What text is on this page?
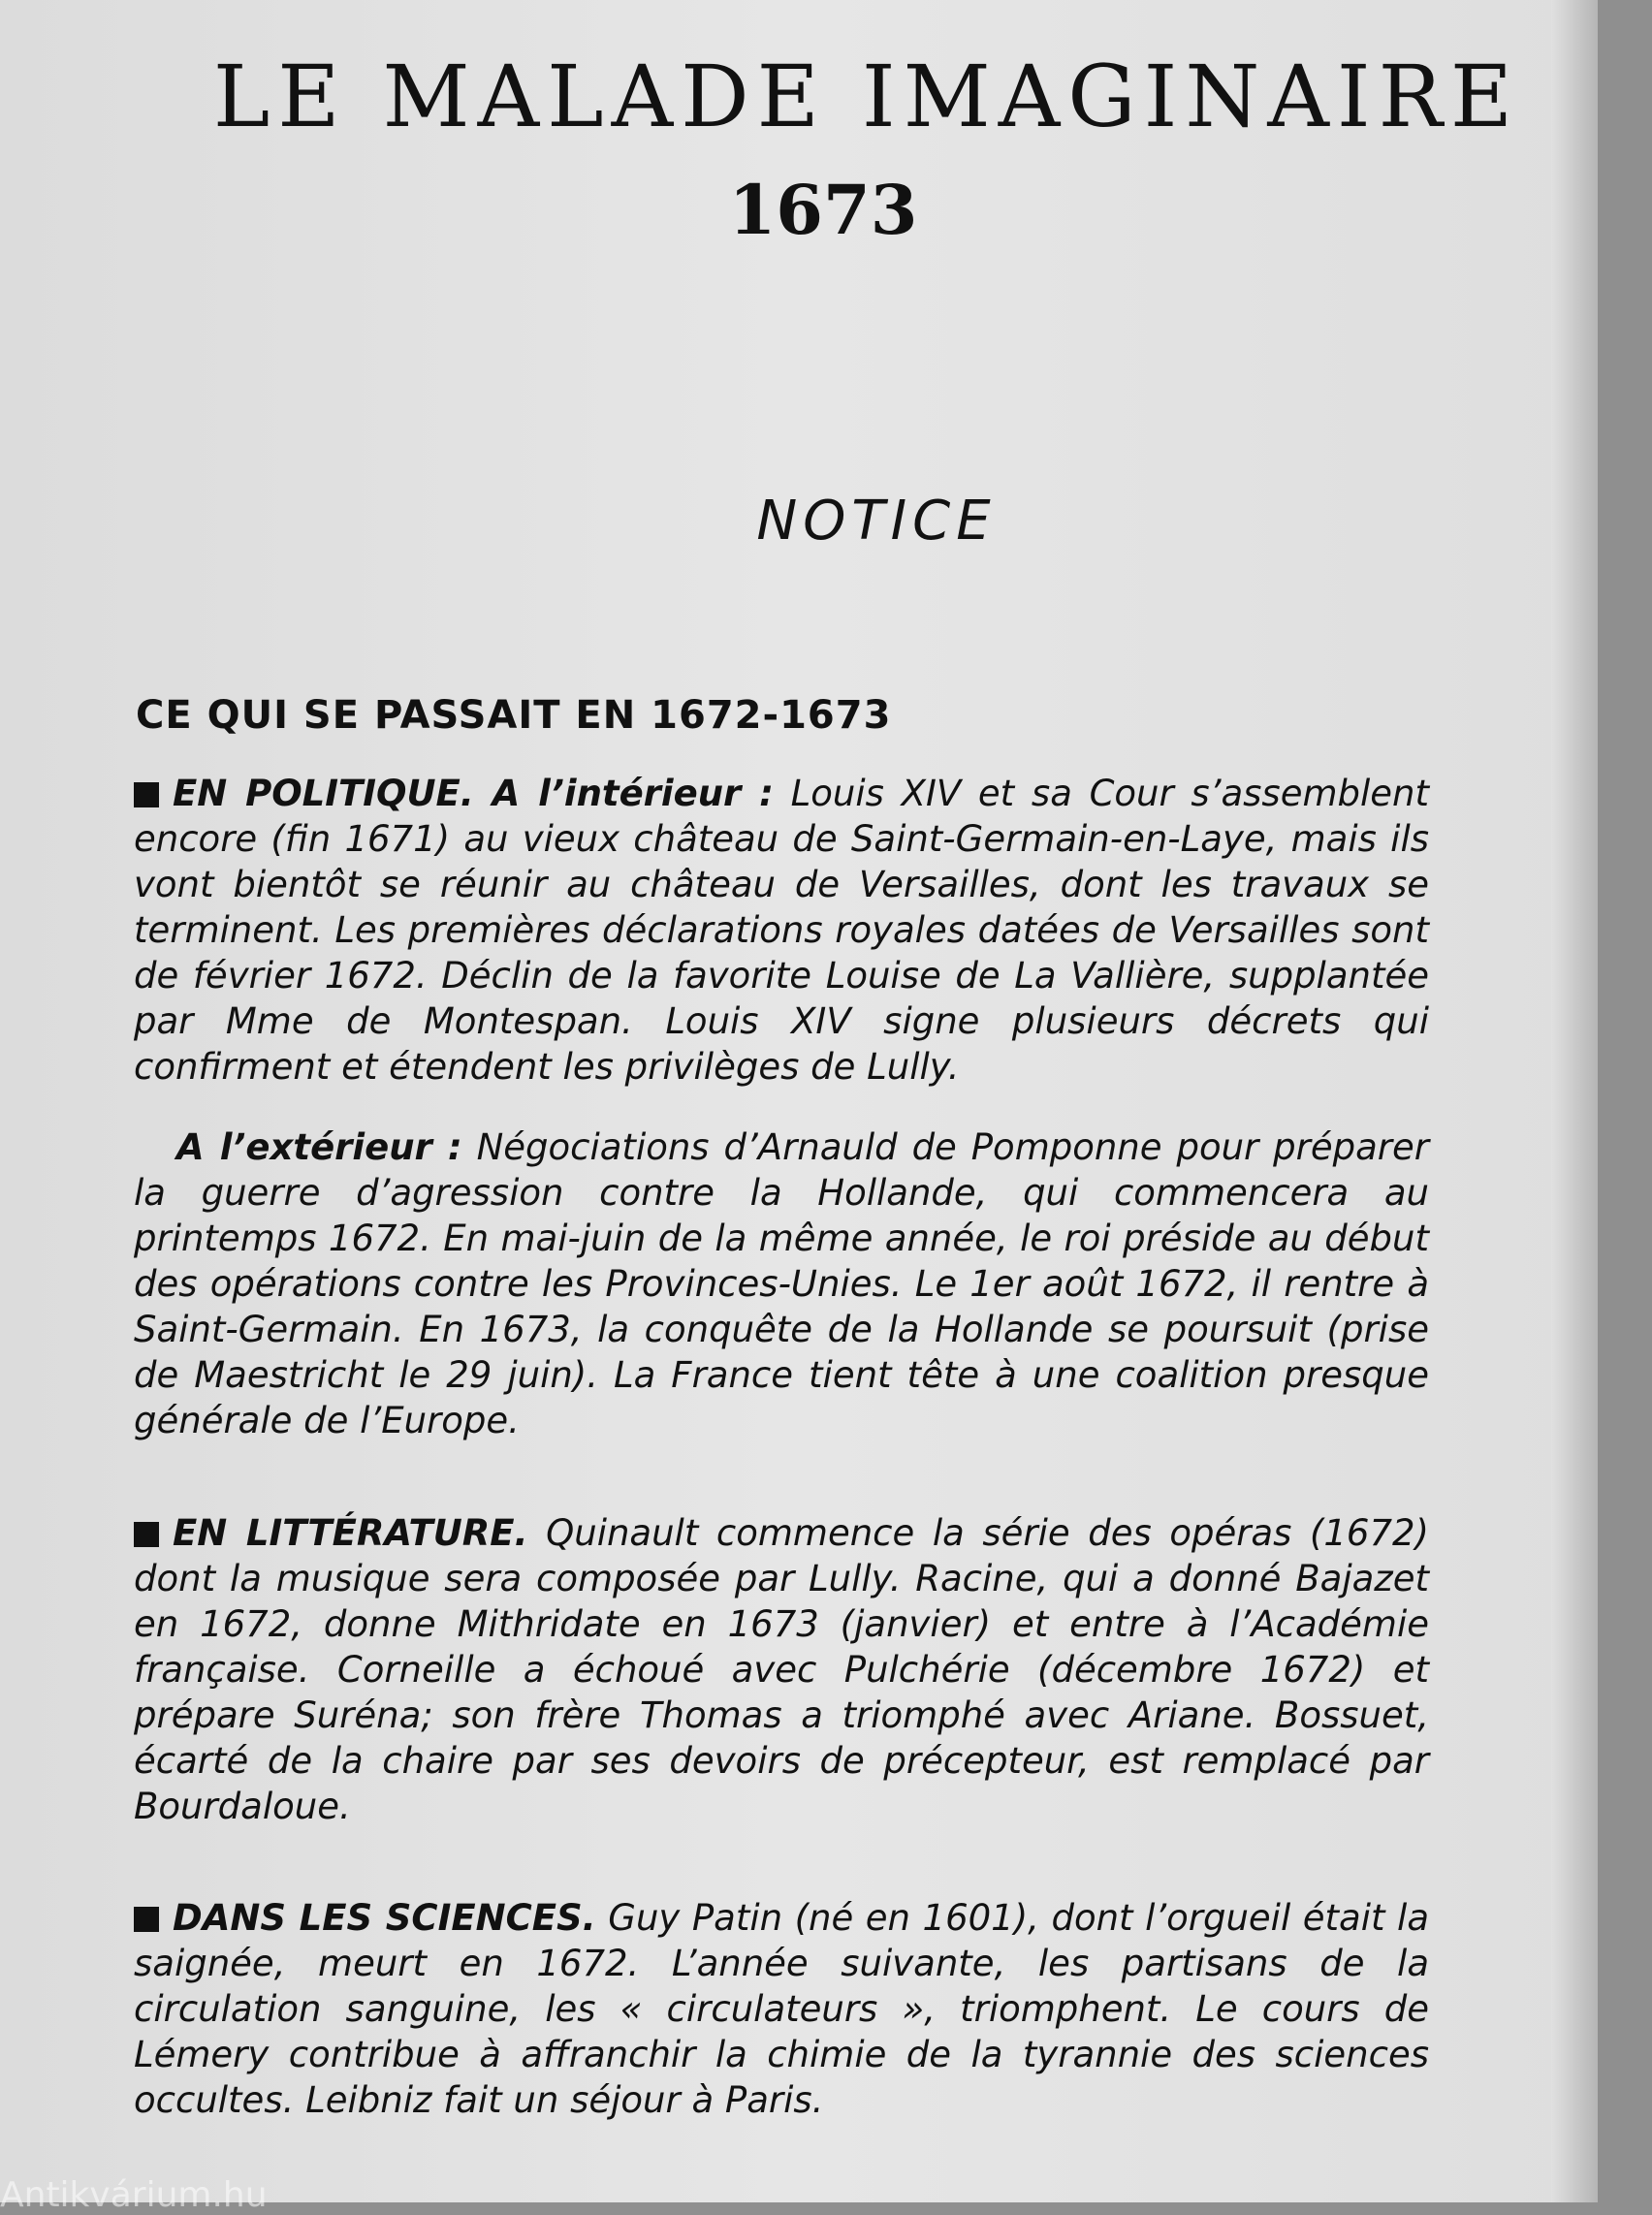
LE MALADE IMAGINAIRE
1673
NOTICE
CE QUI SE PASSAIT EN 1672-1673

EN POLITIQUE. A l’intérieur : Louis XIV et sa Cour s’assemblent encore (fin 1671) au vieux château de Saint-Germain-en-Laye, mais ils vont bientôt se réunir au château de Versailles, dont les travaux se terminent. Les premières déclarations royales datées de Versailles sont de février 1672. Déclin de la favorite Louise de La Vallière, supplantée par Mme de Montespan. Louis XIV signe plusieurs décrets qui confirment et étendent les privilèges de Lully.

A l’extérieur : Négociations d’Arnauld de Pomponne pour préparer la guerre d’agression contre la Hollande, qui commencera au printemps 1672. En mai-juin de la même année, le roi préside au début des opérations contre les Provinces-Unies. Le 1er août 1672, il rentre à Saint-Germain. En 1673, la conquête de la Hollande se poursuit (prise de Maestricht le 29 juin). La France tient tête à une coalition presque générale de l’Europe.

EN LITTÉRATURE. Quinault commence la série des opéras (1672) dont la musique sera composée par Lully. Racine, qui a donné Bajazet en 1672, donne Mithridate en 1673 (janvier) et entre à l’Académie française. Corneille a échoué avec Pulchérie (décembre 1672) et prépare Suréna; son frère Thomas a triomphé avec Ariane. Bossuet, écarté de la chaire par ses devoirs de précepteur, est remplacé par Bourdaloue.

DANS LES SCIENCES. Guy Patin (né en 1601), dont l’orgueil était la saignée, meurt en 1672. L’année suivante, les partisans de la circulation sanguine, les « circulateurs », triomphent. Le cours de Lémery contribue à affranchir la chimie de la tyrannie des sciences occultes. Leibniz fait un séjour à Paris.

Antikvárium.hu
